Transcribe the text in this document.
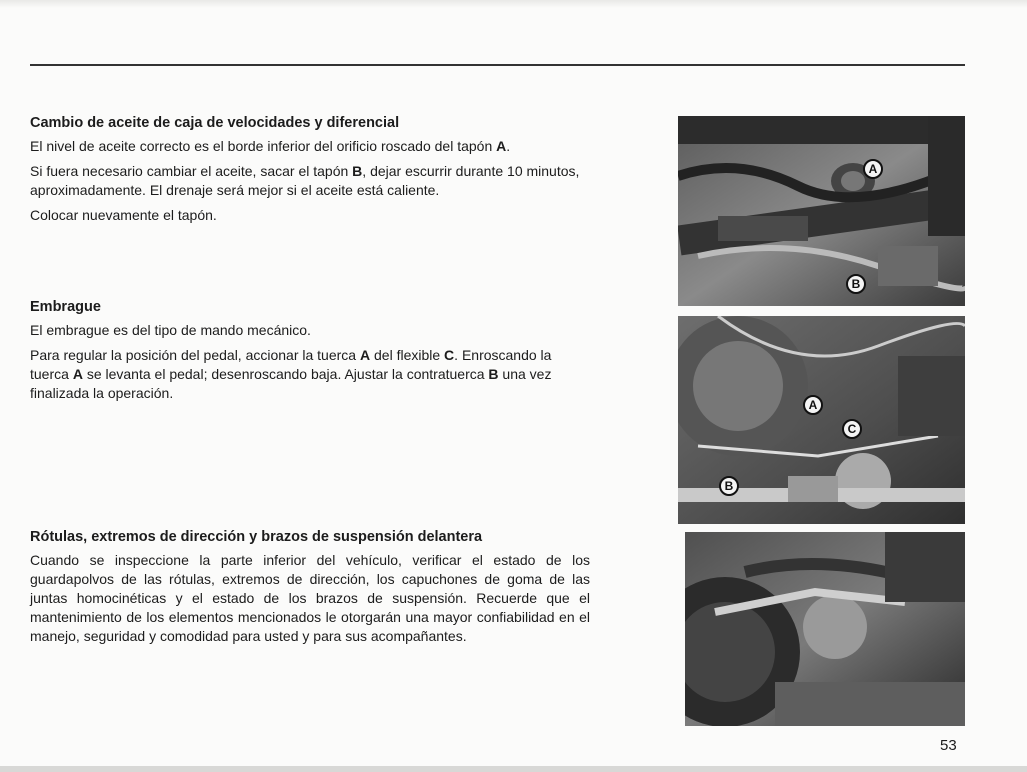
Cambio de aceite de caja de velocidades y diferencial

El nivel de aceite correcto es el borde inferior del orificio roscado del tapón A.

Si fuera necesario cambiar el aceite, sacar el tapón B, dejar escurrir durante 10 minutos, aproximadamente. El drenaje será mejor si el aceite está caliente.

Colocar nuevamente el tapón.

Embrague

El embrague es del tipo de mando mecánico.

Para regular la posición del pedal, accionar la tuerca A del flexible C. Enroscando la tuerca A se levanta el pedal; desenroscando baja. Ajustar la contratuerca B una vez finalizada la operación.

Rótulas, extremos de dirección y brazos de suspensión delantera

Cuando se inspeccione la parte inferior del vehículo, verificar el estado de los guardapolvos de las rótulas, extremos de dirección, los capuchones de goma de las juntas homocinéticas y el estado de los brazos de suspensión. Recuerde que el mantenimiento de los elementos mencionados le otorgarán una mayor confiabilidad en el manejo, seguridad y comodidad para usted y para sus acompañantes.

A
B
A
C
B
53
